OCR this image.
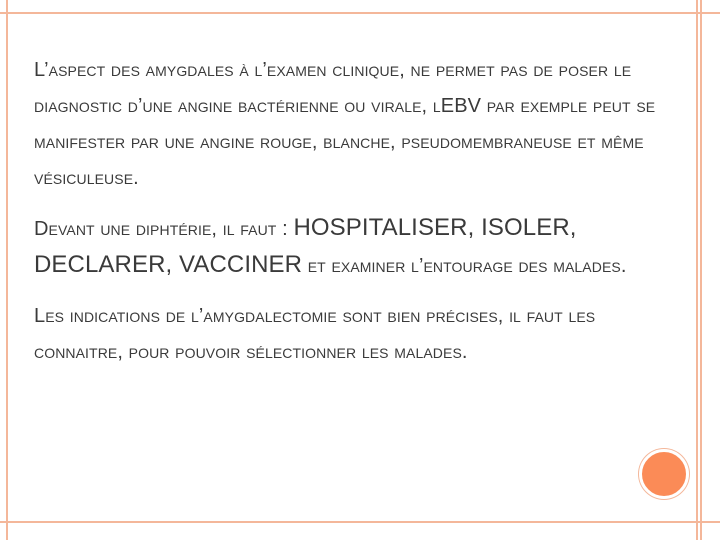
L’aspect des amygdales à l’examen clinique, ne permet pas de poser le diagnostic d’une angine bactérienne ou virale, lEBV par exemple peut se manifester par une angine rouge, blanche, pseudomembraneuse et même vésiculeuse.

Devant une diphtérie, il faut : HOSPITALISER, ISOLER, DECLARER, VACCINER et examiner l’entourage des malades.

Les indications de l’amygdalectomie sont bien précises, il faut les connaitre, pour pouvoir sélectionner les malades.
